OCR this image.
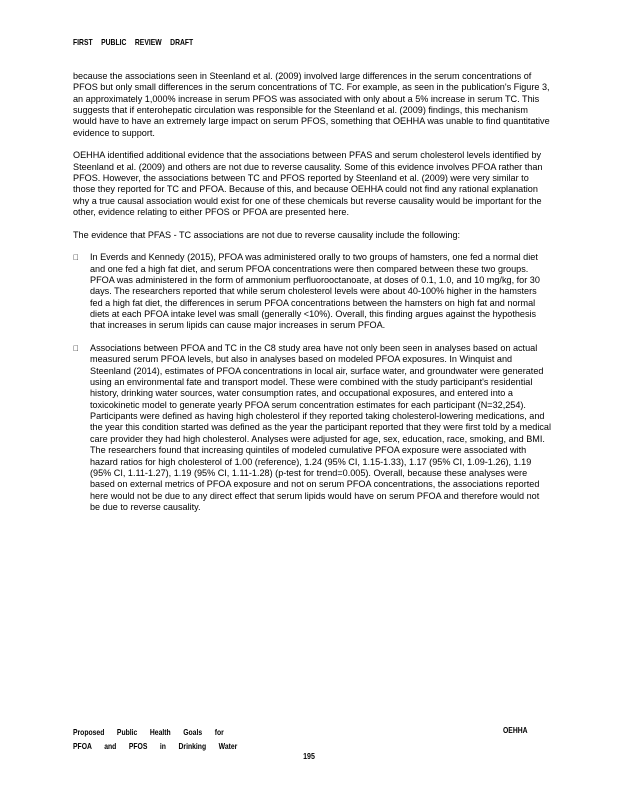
FIRST PUBLIC REVIEW DRAFT

because the associations seen in Steenland et al. (2009) involved large differences in the serum concentrations of PFOS but only small differences in the serum concentrations of TC. For example, as seen in the publication's Figure 3, an approximately 1,000% increase in serum PFOS was associated with only about a 5% increase in serum TC. This suggests that if enterohepatic circulation was responsible for the Steenland et al. (2009) findings, this mechanism would have to have an extremely large impact on serum PFOS, something that OEHHA was unable to find quantitative evidence to support.

OEHHA identified additional evidence that the associations between PFAS and serum cholesterol levels identified by Steenland et al. (2009) and others are not due to reverse causality. Some of this evidence involves PFOA rather than PFOS. However, the associations between TC and PFOS reported by Steenland et al. (2009) were very similar to those they reported for TC and PFOA. Because of this, and because OEHHA could not find any rational explanation why a true causal association would exist for one of these chemicals but reverse causality would be important for the other, evidence relating to either PFOS or PFOA are presented here.

The evidence that PFAS - TC associations are not due to reverse causality include the following:

In Everds and Kennedy (2015), PFOA was administered orally to two groups of hamsters, one fed a normal diet and one fed a high fat diet, and serum PFOA concentrations were then compared between these two groups. PFOA was administered in the form of ammonium perfluorooctanoate, at doses of 0.1, 1.0, and 10 mg/kg, for 30 days. The researchers reported that while serum cholesterol levels were about 40-100% higher in the hamsters fed a high fat diet, the differences in serum PFOA concentrations between the hamsters on high fat and normal diets at each PFOA intake level was small (generally <10%). Overall, this finding argues against the hypothesis that increases in serum lipids can cause major increases in serum PFOA.
Associations between PFOA and TC in the C8 study area have not only been seen in analyses based on actual measured serum PFOA levels, but also in analyses based on modeled PFOA exposures. In Winquist and Steenland (2014), estimates of PFOA concentrations in local air, surface water, and groundwater were generated using an environmental fate and transport model. These were combined with the study participant's residential history, drinking water sources, water consumption rates, and occupational exposures, and entered into a toxicokinetic model to generate yearly PFOA serum concentration estimates for each participant (N=32,254). Participants were defined as having high cholesterol if they reported taking cholesterol-lowering medications, and the year this condition started was defined as the year the participant reported that they were first told by a medical care provider they had high cholesterol. Analyses were adjusted for age, sex, education, race, smoking, and BMI. The researchers found that increasing quintiles of modeled cumulative PFOA exposure were associated with hazard ratios for high cholesterol of 1.00 (reference), 1.24 (95% CI, 1.15-1.33), 1.17 (95% CI, 1.09-1.26), 1.19 (95% CI, 1.11-1.27), 1.19 (95% CI, 1.11-1.28) (p-test for trend=0.005). Overall, because these analyses were based on external metrics of PFOA exposure and not on serum PFOA concentrations, the associations reported here would not be due to any direct effect that serum lipids would have on serum PFOA and therefore would not be due to reverse causality.
Proposed Public Health Goals for
PFOA and PFOS in Drinking Water
OEHHA
195
